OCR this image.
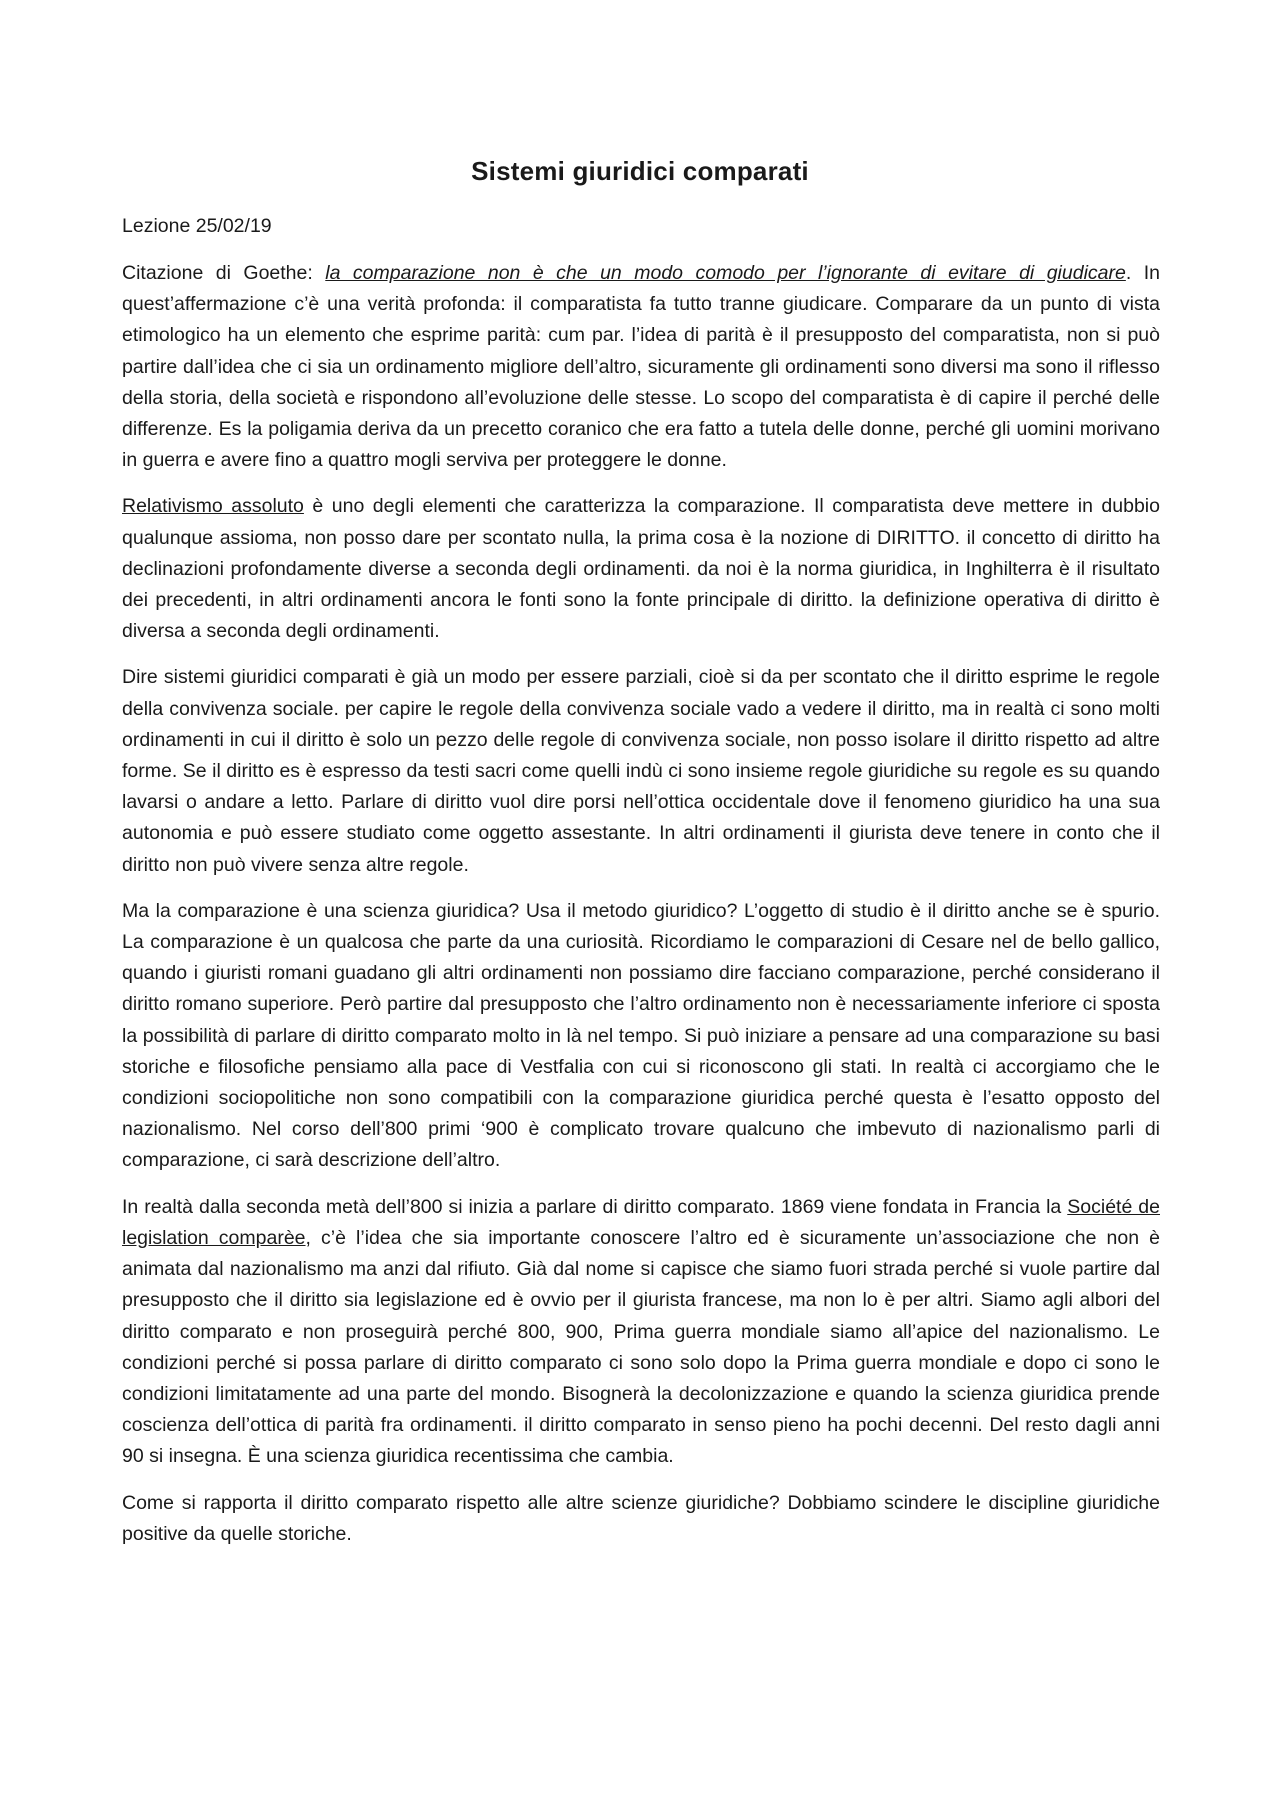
Sistemi giuridici comparati
Lezione 25/02/19

Citazione di Goethe: la comparazione non è che un modo comodo per l’ignorante di evitare di giudicare. In quest’affermazione c’è una verità profonda: il comparatista fa tutto tranne giudicare. Comparare da un punto di vista etimologico ha un elemento che esprime parità: cum par. l’idea di parità è il presupposto del comparatista, non si può partire dall’idea che ci sia un ordinamento migliore dell’altro, sicuramente gli ordinamenti sono diversi ma sono il riflesso della storia, della società e rispondono all’evoluzione delle stesse. Lo scopo del comparatista è di capire il perché delle differenze. Es la poligamia deriva da un precetto coranico che era fatto a tutela delle donne, perché gli uomini morivano in guerra e avere fino a quattro mogli serviva per proteggere le donne.

Relativismo assoluto è uno degli elementi che caratterizza la comparazione. Il comparatista deve mettere in dubbio qualunque assioma, non posso dare per scontato nulla, la prima cosa è la nozione di DIRITTO. il concetto di diritto ha declinazioni profondamente diverse a seconda degli ordinamenti. da noi è la norma giuridica, in Inghilterra è il risultato dei precedenti, in altri ordinamenti ancora le fonti sono la fonte principale di diritto. la definizione operativa di diritto è diversa a seconda degli ordinamenti.

Dire sistemi giuridici comparati è già un modo per essere parziali, cioè si da per scontato che il diritto esprime le regole della convivenza sociale. per capire le regole della convivenza sociale vado a vedere il diritto, ma in realtà ci sono molti ordinamenti in cui il diritto è solo un pezzo delle regole di convivenza sociale, non posso isolare il diritto rispetto ad altre forme. Se il diritto es è espresso da testi sacri come quelli indù ci sono insieme regole giuridiche su regole es su quando lavarsi o andare a letto. Parlare di diritto vuol dire porsi nell’ottica occidentale dove il fenomeno giuridico ha una sua autonomia e può essere studiato come oggetto assestante. In altri ordinamenti il giurista deve tenere in conto che il diritto non può vivere senza altre regole.

Ma la comparazione è una scienza giuridica? Usa il metodo giuridico? L’oggetto di studio è il diritto anche se è spurio. La comparazione è un qualcosa che parte da una curiosità. Ricordiamo le comparazioni di Cesare nel de bello gallico, quando i giuristi romani guadano gli altri ordinamenti non possiamo dire facciano comparazione, perché considerano il diritto romano superiore. Però partire dal presupposto che l’altro ordinamento non è necessariamente inferiore ci sposta la possibilità di parlare di diritto comparato molto in là nel tempo. Si può iniziare a pensare ad una comparazione su basi storiche e filosofiche pensiamo alla pace di Vestfalia con cui si riconoscono gli stati. In realtà ci accorgiamo che le condizioni sociopolitiche non sono compatibili con la comparazione giuridica perché questa è l’esatto opposto del nazionalismo. Nel corso dell’800 primi ‘900 è complicato trovare qualcuno che imbevuto di nazionalismo parli di comparazione, ci sarà descrizione dell’altro.

In realtà dalla seconda metà dell’800 si inizia a parlare di diritto comparato. 1869 viene fondata in Francia la Société de legislation comparèe, c’è l’idea che sia importante conoscere l’altro ed è sicuramente un’associazione che non è animata dal nazionalismo ma anzi dal rifiuto. Già dal nome si capisce che siamo fuori strada perché si vuole partire dal presupposto che il diritto sia legislazione ed è ovvio per il giurista francese, ma non lo è per altri. Siamo agli albori del diritto comparato e non proseguirà perché 800, 900, Prima guerra mondiale siamo all’apice del nazionalismo. Le condizioni perché si possa parlare di diritto comparato ci sono solo dopo la Prima guerra mondiale e dopo ci sono le condizioni limitatamente ad una parte del mondo. Bisognerà la decolonizzazione e quando la scienza giuridica prende coscienza dell’ottica di parità fra ordinamenti. il diritto comparato in senso pieno ha pochi decenni. Del resto dagli anni 90 si insegna. È una scienza giuridica recentissima che cambia.

Come si rapporta il diritto comparato rispetto alle altre scienze giuridiche? Dobbiamo scindere le discipline giuridiche positive da quelle storiche.
